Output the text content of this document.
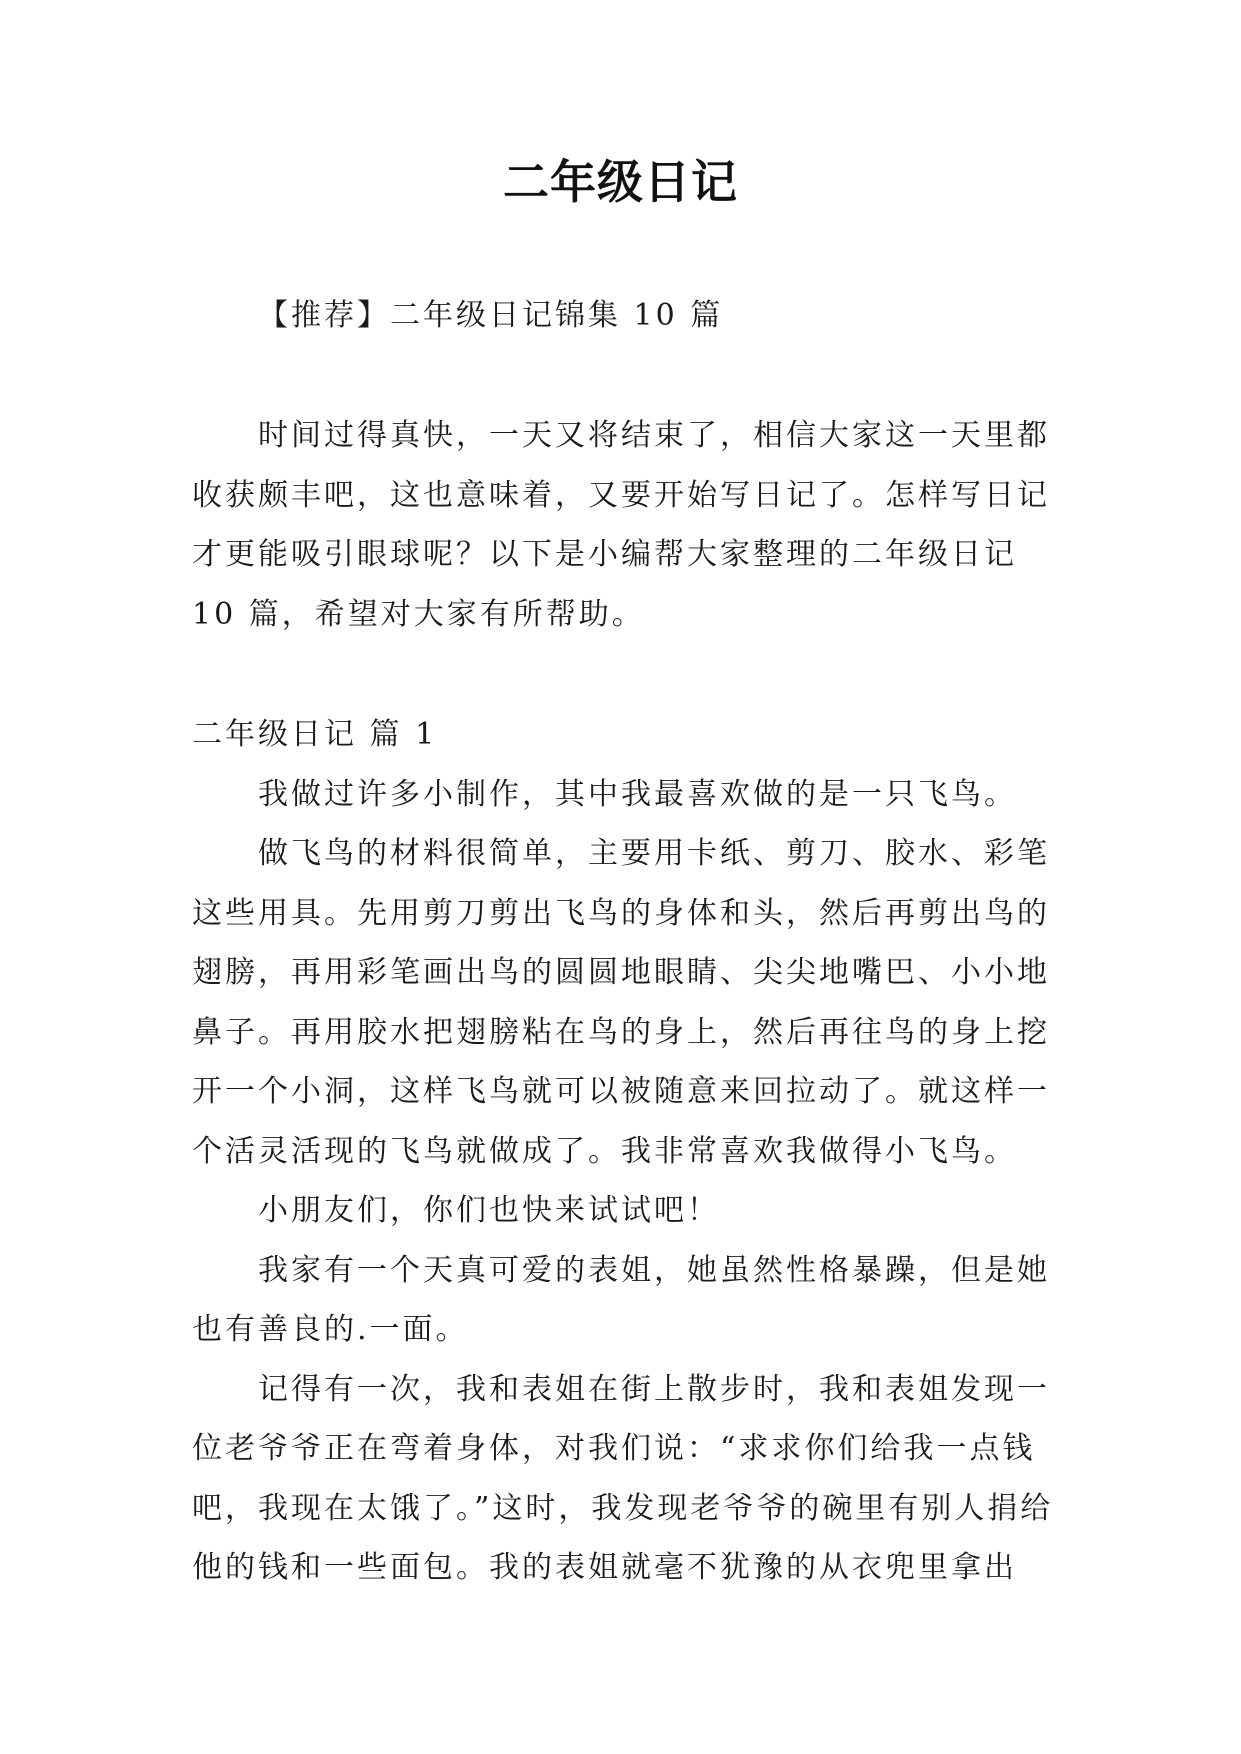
二年级日记
【推荐】二年级日记锦集 10 篇

时间过得真快，一天又将结束了，相信大家这一天里都收获颇丰吧，这也意味着，又要开始写日记了。怎样写日记才更能吸引眼球呢？以下是小编帮大家整理的二年级日记 10 篇，希望对大家有所帮助。

二年级日记 篇 1

我做过许多小制作，其中我最喜欢做的是一只飞鸟。

做飞鸟的材料很简单，主要用卡纸、剪刀、胶水、彩笔这些用具。先用剪刀剪出飞鸟的身体和头，然后再剪出鸟的翅膀，再用彩笔画出鸟的圆圆地眼睛、尖尖地嘴巴、小小地鼻子。再用胶水把翅膀粘在鸟的身上，然后再往鸟的身上挖开一个小洞，这样飞鸟就可以被随意来回拉动了。就这样一个活灵活现的飞鸟就做成了。我非常喜欢我做得小飞鸟。

小朋友们，你们也快来试试吧！

我家有一个天真可爱的表姐，她虽然性格暴躁，但是她也有善良的.一面。

记得有一次，我和表姐在街上散步时，我和表姐发现一位老爷爷正在弯着身体，对我们说：“求求你们给我一点钱吧，我现在太饿了。”这时，我发现老爷爷的碗里有别人捐给他的钱和一些面包。我的表姐就毫不犹豫的从衣兜里拿出
